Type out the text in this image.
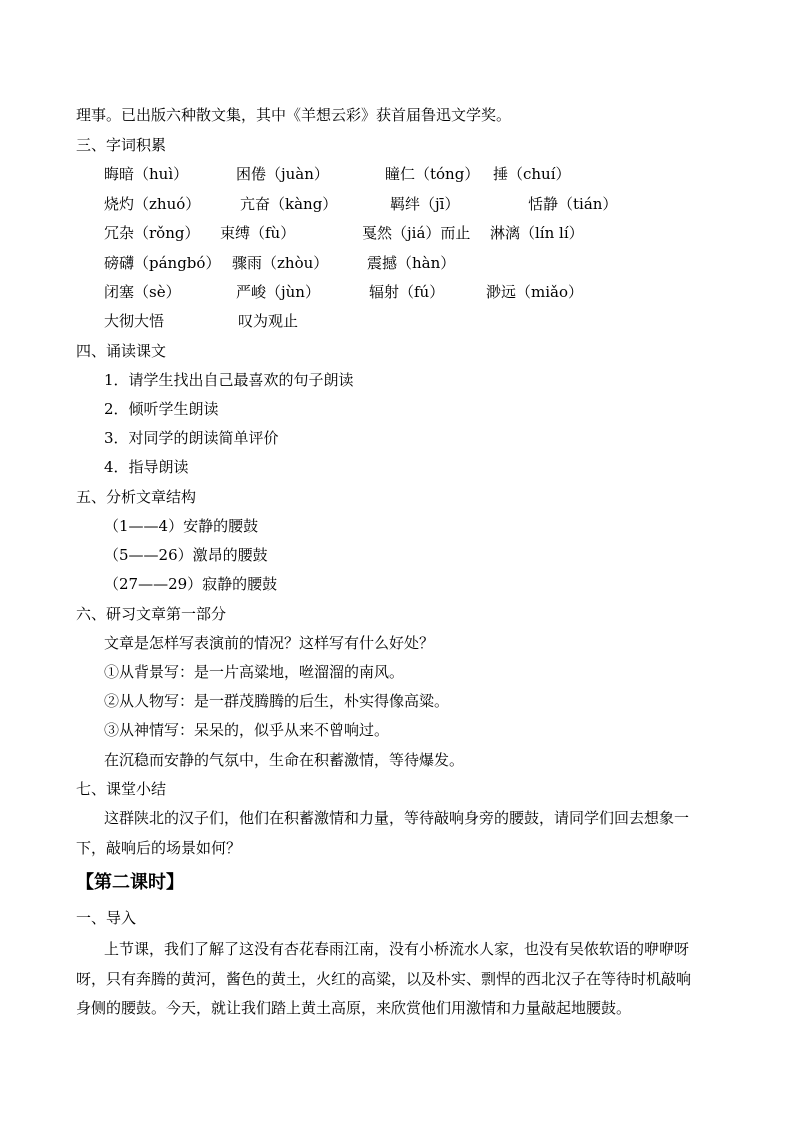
理事。已出版六种散文集，其中《羊想云彩》获首届鲁迅文学奖。
三、字词积累
晦暗（huì）	困倦（juàn）	瞳仁（tóng） 捶（chuí）
烧灼（zhuó）	亢奋（kàng）	羁绊（jī）	恬静（tián）
冗杂（rǒng） 束缚（fù）	戛然（jiá）而止 淋漓（lín lí）
磅礴（pángbó） 骤雨（zhòu）	震撼（hàn）
闭塞（sè）	严峻（jùn）	辐射（fú）	渺远（miǎo）
大彻大悟	叹为观止
四、诵读课文
1．请学生找出自己最喜欢的句子朗读
2．倾听学生朗读
3．对同学的朗读简单评价
4．指导朗读
五、分析文章结构
（1——4）安静的腰鼓
（5——26）激昂的腰鼓
（27——29）寂静的腰鼓
六、研习文章第一部分
文章是怎样写表演前的情况？这样写有什么好处？
①从背景写：是一片高粱地，咝溜溜的南风。
②从人物写：是一群茂腾腾的后生，朴实得像高粱。
③从神情写：呆呆的，似乎从来不曾响过。
在沉稳而安静的气氛中，生命在积蓄激情，等待爆发。
七、课堂小结
这群陕北的汉子们，他们在积蓄激情和力量，等待敲响身旁的腰鼓，请同学们回去想象一
下，敲响后的场景如何？
【第二课时】
一、导入
上节课，我们了解了这没有杏花春雨江南，没有小桥流水人家，也没有吴侬软语的咿咿呀
呀，只有奔腾的黄河，酱色的黄土，火红的高粱，以及朴实、剽悍的西北汉子在等待时机敲响
身侧的腰鼓。今天，就让我们踏上黄土高原，来欣赏他们用激情和力量敲起地腰鼓。
